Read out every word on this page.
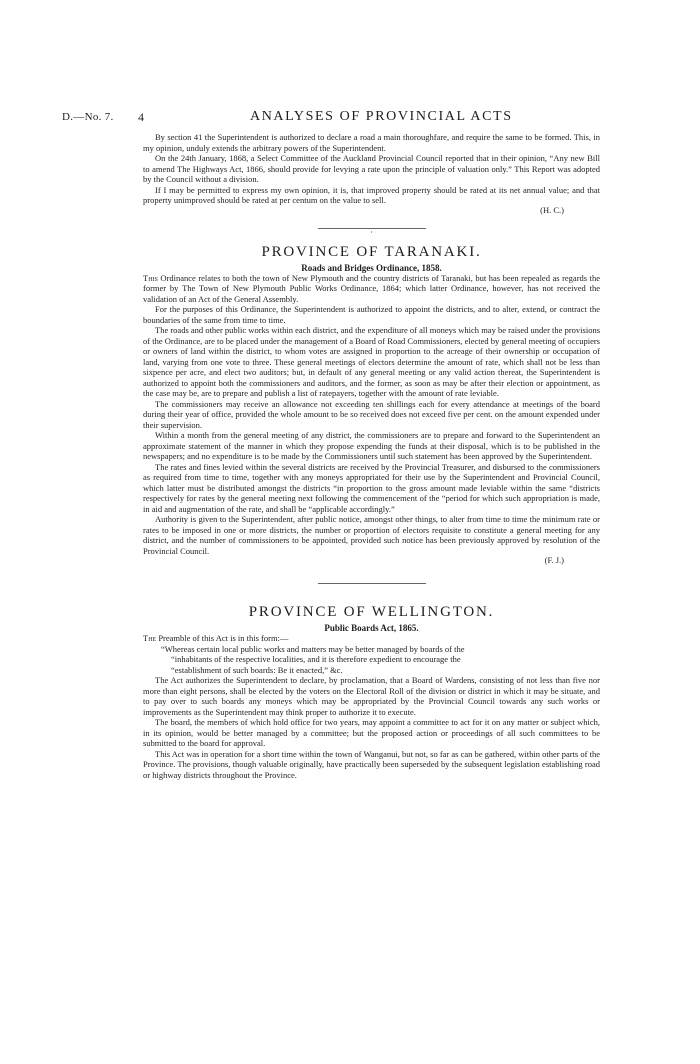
D.—No. 7. 4	ANALYSES OF PROVINCIAL ACTS

By section 41 the Superintendent is authorized to declare a road a main thoroughfare, and require the same to be formed. This, in my opinion, unduly extends the arbitrary powers of the Superintendent.

On the 24th January, 1868, a Select Committee of the Auckland Provincial Council reported that in their opinion, “Any new Bill to amend The Highways Act, 1866, should provide for levying a rate upon the principle of valuation only.” This Report was adopted by the Council without a division.

If I may be permitted to express my own opinion, it is, that improved property should be rated at its net annual value; and that property unimproved should be rated at per centum on the value to sell.

(H. C.)
·
PROVINCE OF TARANAKI.
Roads and Bridges Ordinance, 1858.

This Ordinance relates to both the town of New Plymouth and the country districts of Taranaki, but has been repealed as regards the former by The Town of New Plymouth Public Works Ordinance, 1864; which latter Ordinance, however, has not received the validation of an Act of the General Assembly.

For the purposes of this Ordinance, the Superintendent is authorized to appoint the districts, and to alter, extend, or contract the boundaries of the same from time to time.

The roads and other public works within each district, and the expenditure of all moneys which may be raised under the provisions of the Ordinance, are to be placed under the management of a Board of Road Commissioners, elected by general meeting of occupiers or owners of land within the district, to whom votes are assigned in proportion to the acreage of their ownership or occupation of land, varying from one vote to three. These general meetings of electors determine the amount of rate, which shall not be less than sixpence per acre, and elect two auditors; but, in default of any general meeting or any valid action thereat, the Superintendent is authorized to appoint both the commissioners and auditors, and the former, as soon as may be after their election or appointment, as the case may be, are to prepare and publish a list of ratepayers, together with the amount of rate leviable.

The commissioners may receive an allowance not exceeding ten shillings each for every attendance at meetings of the board during their year of office, provided the whole amount to be so received does not exceed five per cent. on the amount expended under their supervision.

Within a month from the general meeting of any district, the commissioners are to prepare and forward to the Superintendent an approximate statement of the manner in which they propose expending the funds at their disposal, which is to be published in the newspapers; and no expenditure is to be made by the Commissioners until such statement has been approved by the Superintendent.

The rates and fines levied within the several districts are received by the Provincial Treasurer, and disbursed to the commissioners as required from time to time, together with any moneys appropriated for their use by the Superintendent and Provincial Council, which latter must be distributed amongst the districts “in proportion to the gross amount made leviable within the same “districts respectively for rates by the general meeting next following the commencement of the “period for which such appropriation is made, in aid and augmentation of the rate, and shall be “applicable accordingly.”

Authority is given to the Superintendent, after public notice, amongst other things, to alter from time to time the minimum rate or rates to be imposed in one or more districts, the number or proportion of electors requisite to constitute a general meeting for any district, and the number of commissioners to be appointed, provided such notice has been previously approved by resolution of the Provincial Council.

(F. J.)
PROVINCE OF WELLINGTON.
Public Boards Act, 1865.

The Preamble of this Act is in this form:—

“Whereas certain local public works and matters may be better managed by boards of the

“inhabitants of the respective localities, and it is therefore expedient to encourage the

“establishment of such boards: Be it enacted,” &c.

The Act authorizes the Superintendent to declare, by proclamation, that a Board of Wardens, consisting of not less than five nor more than eight persons, shall be elected by the voters on the Electoral Roll of the division or district in which it may be situate, and to pay over to such boards any moneys which may be appropriated by the Provincial Council towards any such works or improvements as the Superintendent may think proper to authorize it to execute.

The board, the members of which hold office for two years, may appoint a committee to act for it on any matter or subject which, in its opinion, would be better managed by a committee; but the proposed action or proceedings of all such committees to be submitted to the board for approval.

This Act was in operation for a short time within the town of Wanganui, but not, so far as can be gathered, within other parts of the Province. The provisions, though valuable originally, have practically been superseded by the subsequent legislation establishing road or highway districts throughout the Province.
